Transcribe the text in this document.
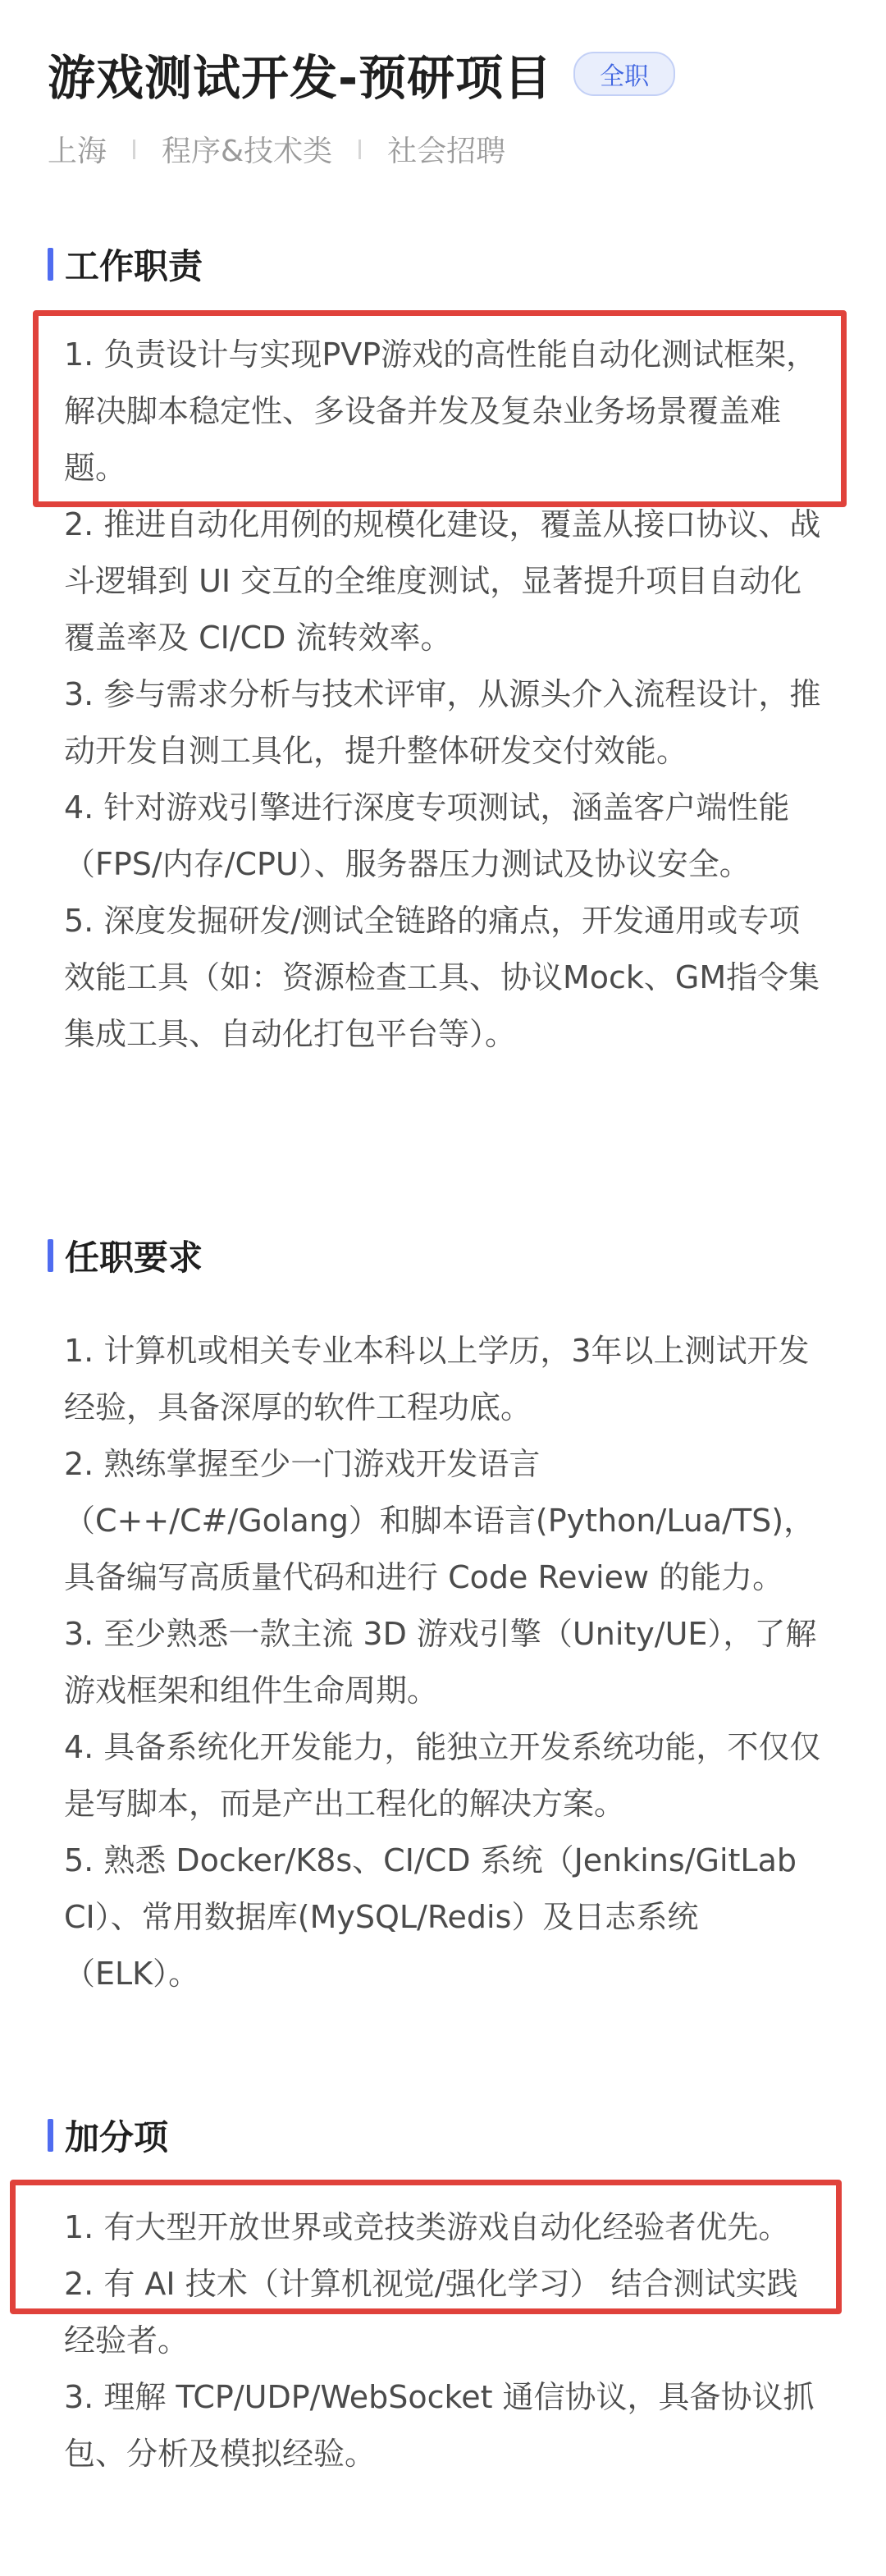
游戏测试开发-预研项目	全职
上海 程序&技术类 社会招聘
工作职责
1. 负责设计与实现PVP游戏的高性能自动化测试框架，解决脚本稳定性、多设备并发及复杂业务场景覆盖难题。
2. 推进自动化用例的规模化建设，覆盖从接口协议、战斗逻辑到 UI 交互的全维度测试，显著提升项目自动化覆盖率及 CI/CD 流转效率。
3. 参与需求分析与技术评审，从源头介入流程设计，推动开发自测工具化，提升整体研发交付效能。
4. 针对游戏引擎进行深度专项测试，涵盖客户端性能（FPS/内存/CPU）、服务器压力测试及协议安全。
5. 深度发掘研发/测试全链路的痛点，开发通用或专项效能工具（如：资源检查工具、协议Mock、GM指令集集成工具、自动化打包平台等）。
任职要求
1. 计算机或相关专业本科以上学历，3年以上测试开发经验，具备深厚的软件工程功底。
2. 熟练掌握至少一门游戏开发语言（C++/C#/Golang）和脚本语言(Python/Lua/TS)，具备编写高质量代码和进行 Code Review 的能力。
3. 至少熟悉一款主流 3D 游戏引擎（Unity/UE），了解游戏框架和组件生命周期。
4. 具备系统化开发能力，能独立开发系统功能，不仅仅是写脚本，而是产出工程化的解决方案。
5. 熟悉 Docker/K8s、CI/CD 系统（Jenkins/GitLab CI）、常用数据库(MySQL/Redis）及日志系统（ELK）。
加分项
1. 有大型开放世界或竞技类游戏自动化经验者优先。
2. 有 AI 技术（计算机视觉/强化学习） 结合测试实践经验者。
3. 理解 TCP/UDP/WebSocket 通信协议，具备协议抓包、分析及模拟经验。
